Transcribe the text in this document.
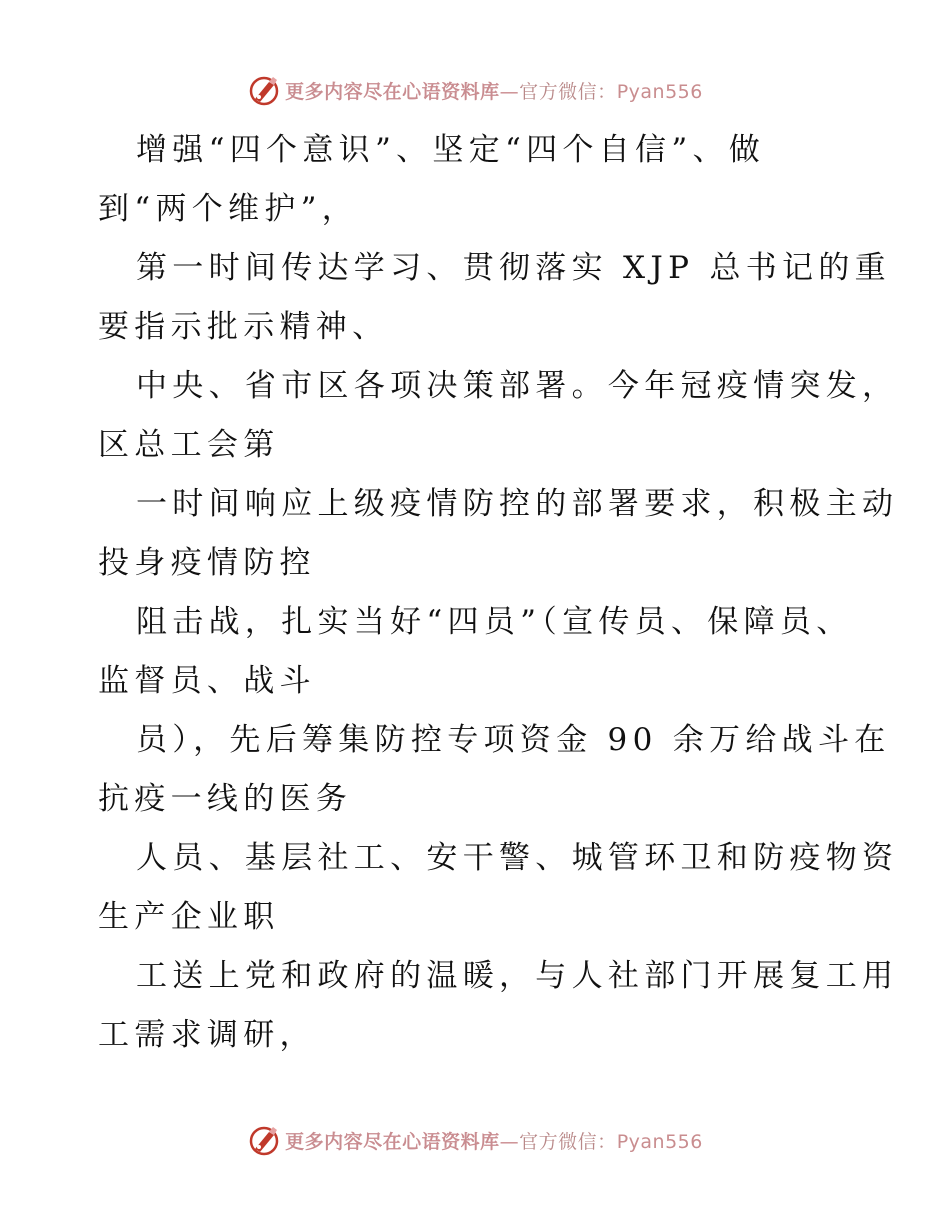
更多内容尽在心语资料库—官方微信：Pyan556
增强“四个意识”、坚定“四个自信”、做
到“两个维护”，
第一时间传达学习、贯彻落实 XJP 总书记的重
要指示批示精神、
中央、省市区各项决策部署。今年冠疫情突发，
区总工会第
一时间响应上级疫情防控的部署要求，积极主动
投身疫情防控
阻击战，扎实当好“四员”（宣传员、保障员、
监督员、战斗
员），先后筹集防控专项资金 90 余万给战斗在
抗疫一线的医务
人员、基层社工、安干警、城管环卫和防疫物资
生产企业职
工送上党和政府的温暖，与人社部门开展复工用
工需求调研，
更多内容尽在心语资料库—官方微信：Pyan556
